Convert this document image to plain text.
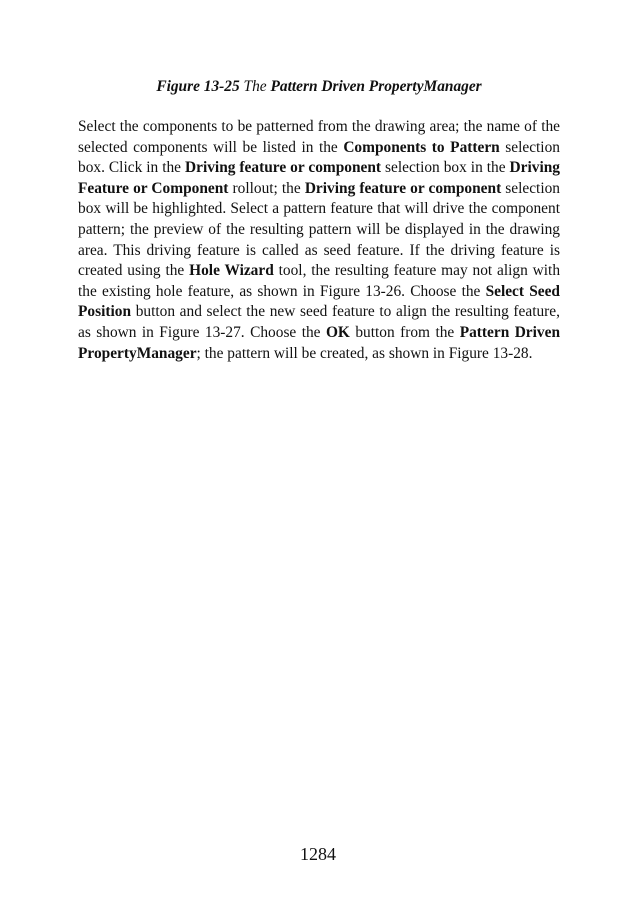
Figure 13-25 The Pattern Driven PropertyManager

Select the components to be patterned from the drawing area; the name of the selected components will be listed in the Components to Pattern selection box. Click in the Driving feature or component selection box in the Driving Feature or Component rollout; the Driving feature or component selection box will be highlighted. Select a pattern feature that will drive the component pattern; the preview of the resulting pattern will be displayed in the drawing area. This driving feature is called as seed feature. If the driving feature is created using the Hole Wizard tool, the resulting feature may not align with the existing hole feature, as shown in Figure 13-26. Choose the Select Seed Position button and select the new seed feature to align the resulting feature, as shown in Figure 13-27. Choose the OK button from the Pattern Driven PropertyManager; the pattern will be created, as shown in Figure 13-28.

1284
